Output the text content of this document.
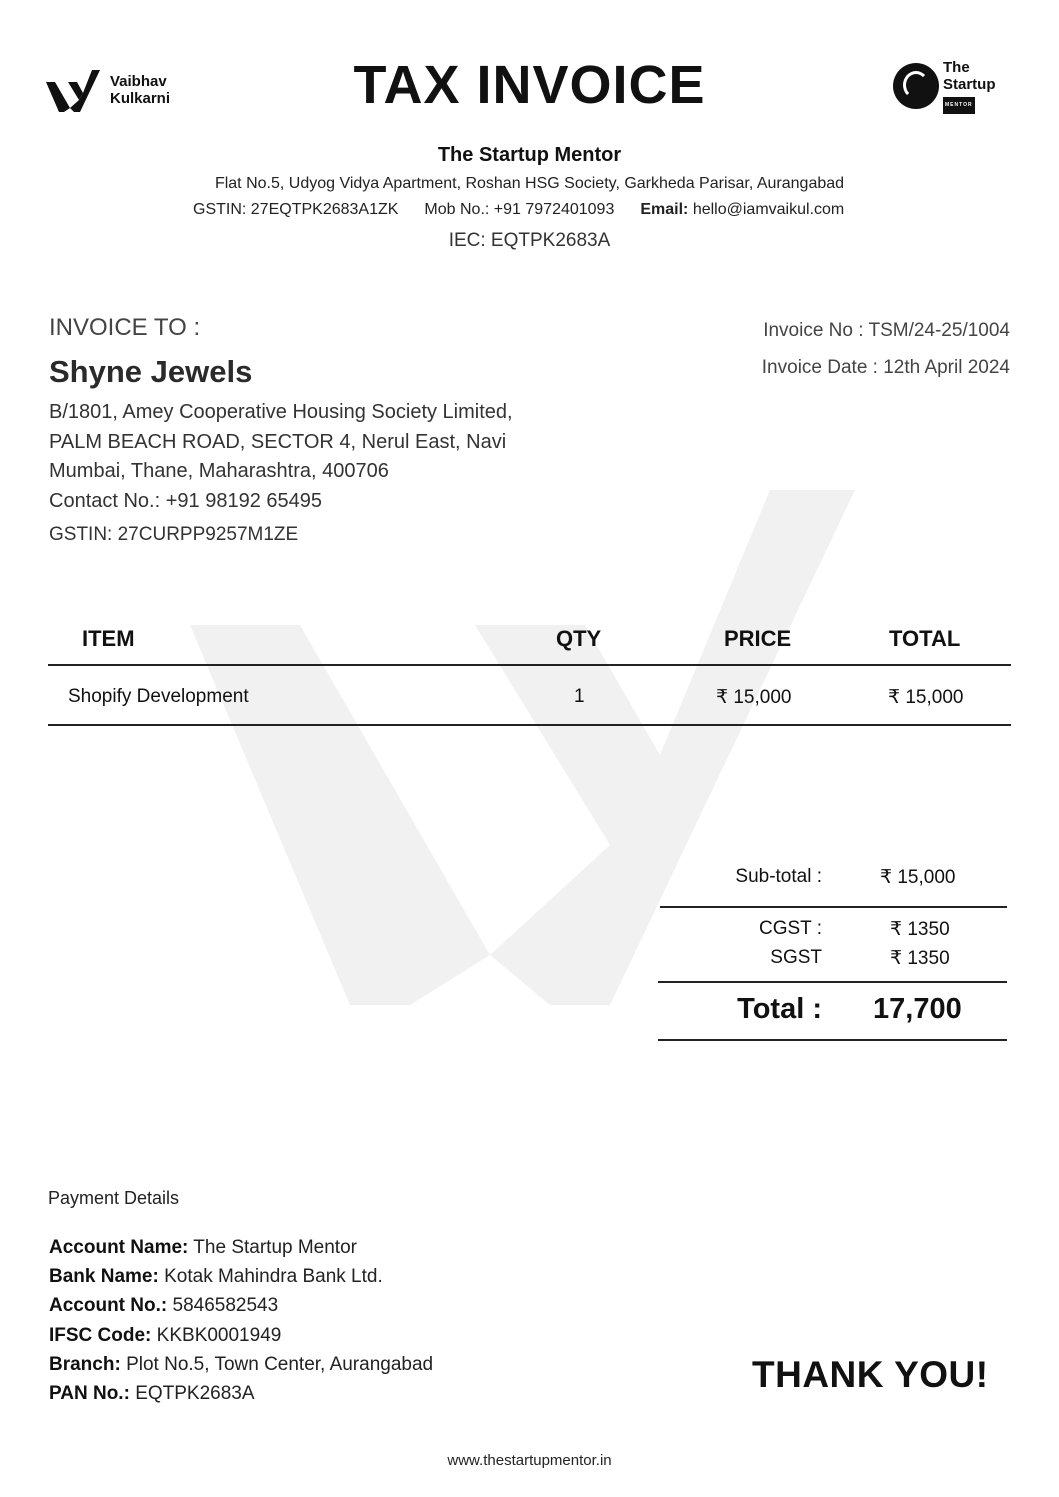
Vaibhav
Kulkarni	TAX INVOICE	The
Startup
MENTOR
The Startup Mentor
Flat No.5, Udyog Vidya Apartment, Roshan HSG Society, Garkheda Parisar, Aurangabad
GSTIN: 27EQTPK2683A1ZK Mob No.: +91 7972401093 Email: hello@iamvaikul.com
IEC: EQTPK2683A
INVOICE TO :
Shyne Jewels
B/1801, Amey Cooperative Housing Society Limited,
PALM BEACH ROAD, SECTOR 4, Nerul East, Navi
Mumbai, Thane, Maharashtra, 400706
Contact No.: +91 98192 65495
GSTIN: 27CURPP9257M1ZE
Invoice No : TSM/24-25/1004
Invoice Date : 12th April 2024
ITEM	QTY	PRICE	TOTAL
Shopify Development	1	₹ 15,000	₹ 15,000
Sub-total :	₹ 15,000
CGST :	₹ 1350
SGST	₹ 1350
Total : 17,700
Payment Details
Account Name: The Startup Mentor
Bank Name: Kotak Mahindra Bank Ltd.
Account No.: 5846582543
IFSC Code: KKBK0001949
Branch: Plot No.5, Town Center, Aurangabad
PAN No.: EQTPK2683A	THANK YOU!
www.thestartupmentor.in
